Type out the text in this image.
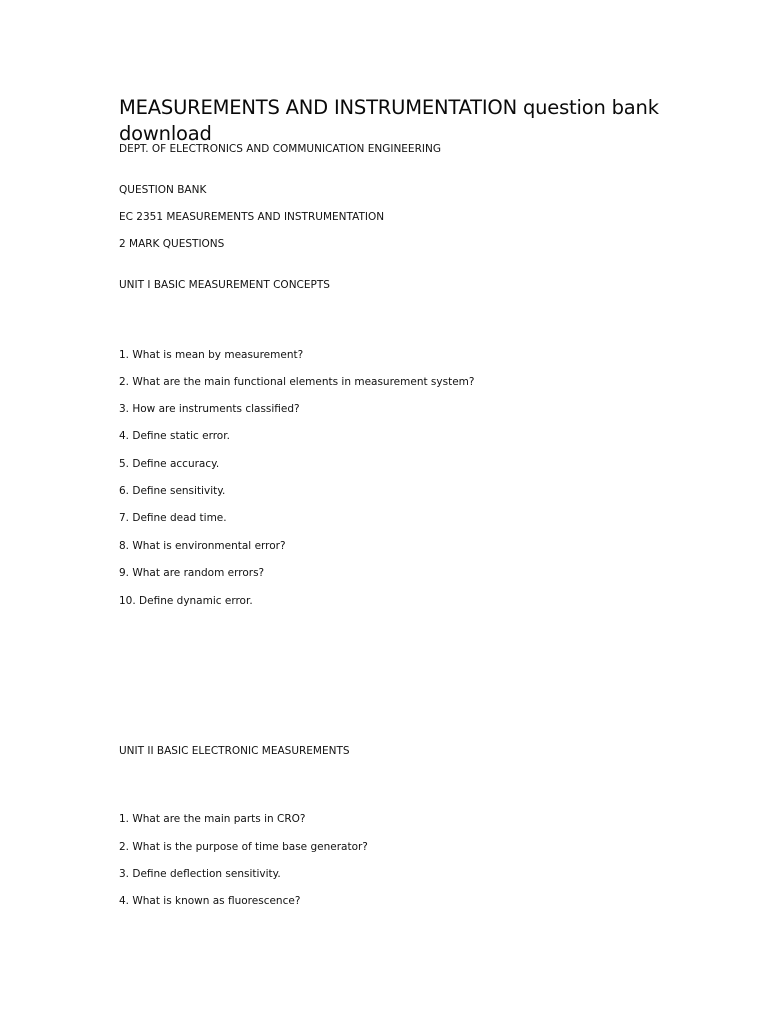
MEASUREMENTS AND INSTRUMENTATION question bank download

DEPT. OF ELECTRONICS AND COMMUNICATION ENGINEERING

QUESTION BANK

EC 2351 MEASUREMENTS AND INSTRUMENTATION

2 MARK QUESTIONS

UNIT I BASIC MEASUREMENT CONCEPTS

1. What is mean by measurement?

2. What are the main functional elements in measurement system?

3. How are instruments classified?

4. Define static error.

5. Define accuracy.

6. Define sensitivity.

7. Define dead time.

8. What is environmental error?

9. What are random errors?

10. Define dynamic error.

UNIT II BASIC ELECTRONIC MEASUREMENTS

1. What are the main parts in CRO?

2. What is the purpose of time base generator?

3. Define deflection sensitivity.

4. What is known as fluorescence?
